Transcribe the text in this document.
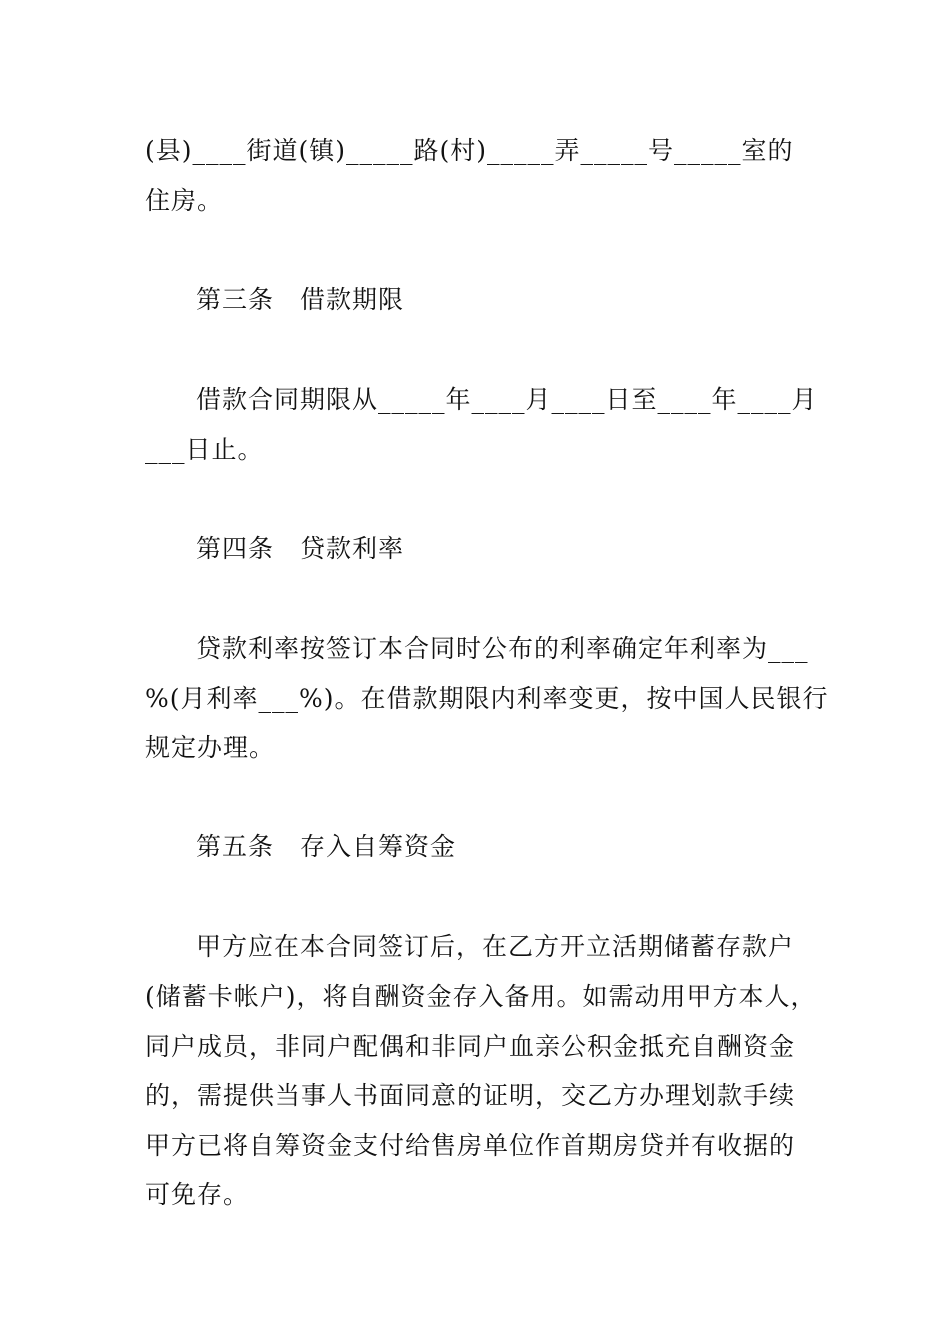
(县)____街道(镇)_____路(村)_____弄_____号_____室的
住房。
第三条　借款期限
借款合同期限从_____年____月____日至____年____月
___日止。
第四条　贷款利率
贷款利率按签订本合同时公布的利率确定年利率为___
%(月利率___%)。在借款期限内利率变更，按中国人民银行
规定办理。
第五条　存入自筹资金
甲方应在本合同签订后，在乙方开立活期储蓄存款户
(储蓄卡帐户)，将自酬资金存入备用。如需动用甲方本人，
同户成员，非同户配偶和非同户血亲公积金抵充自酬资金
的，需提供当事人书面同意的证明，交乙方办理划款手续
甲方已将自筹资金支付给售房单位作首期房贷并有收据的
可免存。
